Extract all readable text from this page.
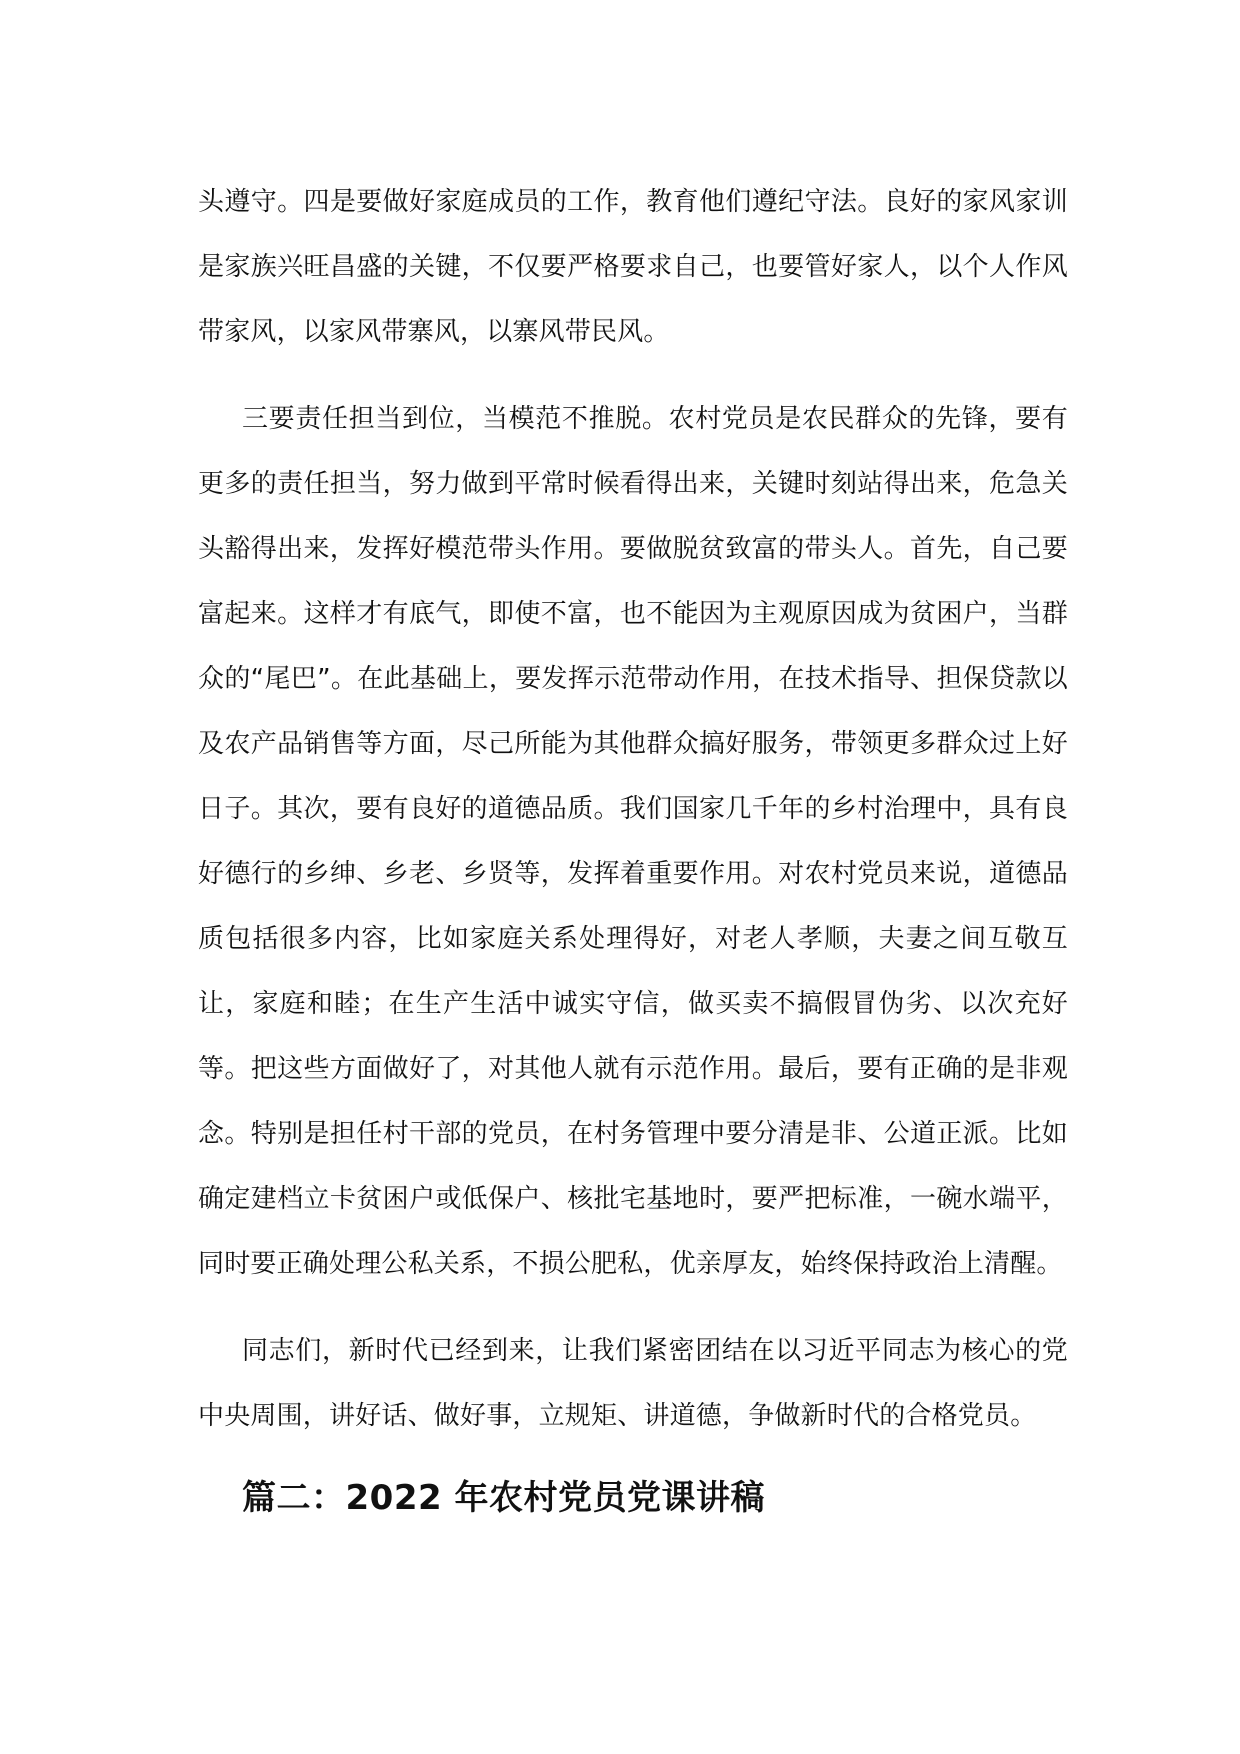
头遵守。四是要做好家庭成员的工作，教育他们遵纪守法。良好的家风家训是家族兴旺昌盛的关键，不仅要严格要求自己，也要管好家人，以个人作风带家风，以家风带寨风，以寨风带民风。

三要责任担当到位，当模范不推脱。农村党员是农民群众的先锋，要有更多的责任担当，努力做到平常时候看得出来，关键时刻站得出来，危急关头豁得出来，发挥好模范带头作用。要做脱贫致富的带头人。首先，自己要富起来。这样才有底气，即使不富，也不能因为主观原因成为贫困户，当群众的“尾巴”。在此基础上，要发挥示范带动作用，在技术指导、担保贷款以及农产品销售等方面，尽己所能为其他群众搞好服务，带领更多群众过上好日子。其次，要有良好的道德品质。我们国家几千年的乡村治理中，具有良好德行的乡绅、乡老、乡贤等，发挥着重要作用。对农村党员来说，道德品质包括很多内容，比如家庭关系处理得好，对老人孝顺，夫妻之间互敬互让，家庭和睦；在生产生活中诚实守信，做买卖不搞假冒伪劣、以次充好等。把这些方面做好了，对其他人就有示范作用。最后，要有正确的是非观念。特别是担任村干部的党员，在村务管理中要分清是非、公道正派。比如确定建档立卡贫困户或低保户、核批宅基地时，要严把标准，一碗水端平，同时要正确处理公私关系，不损公肥私，优亲厚友，始终保持政治上清醒。

同志们，新时代已经到来，让我们紧密团结在以习近平同志为核心的党中央周围，讲好话、做好事，立规矩、讲道德，争做新时代的合格党员。

篇二：2022 年农村党员党课讲稿
